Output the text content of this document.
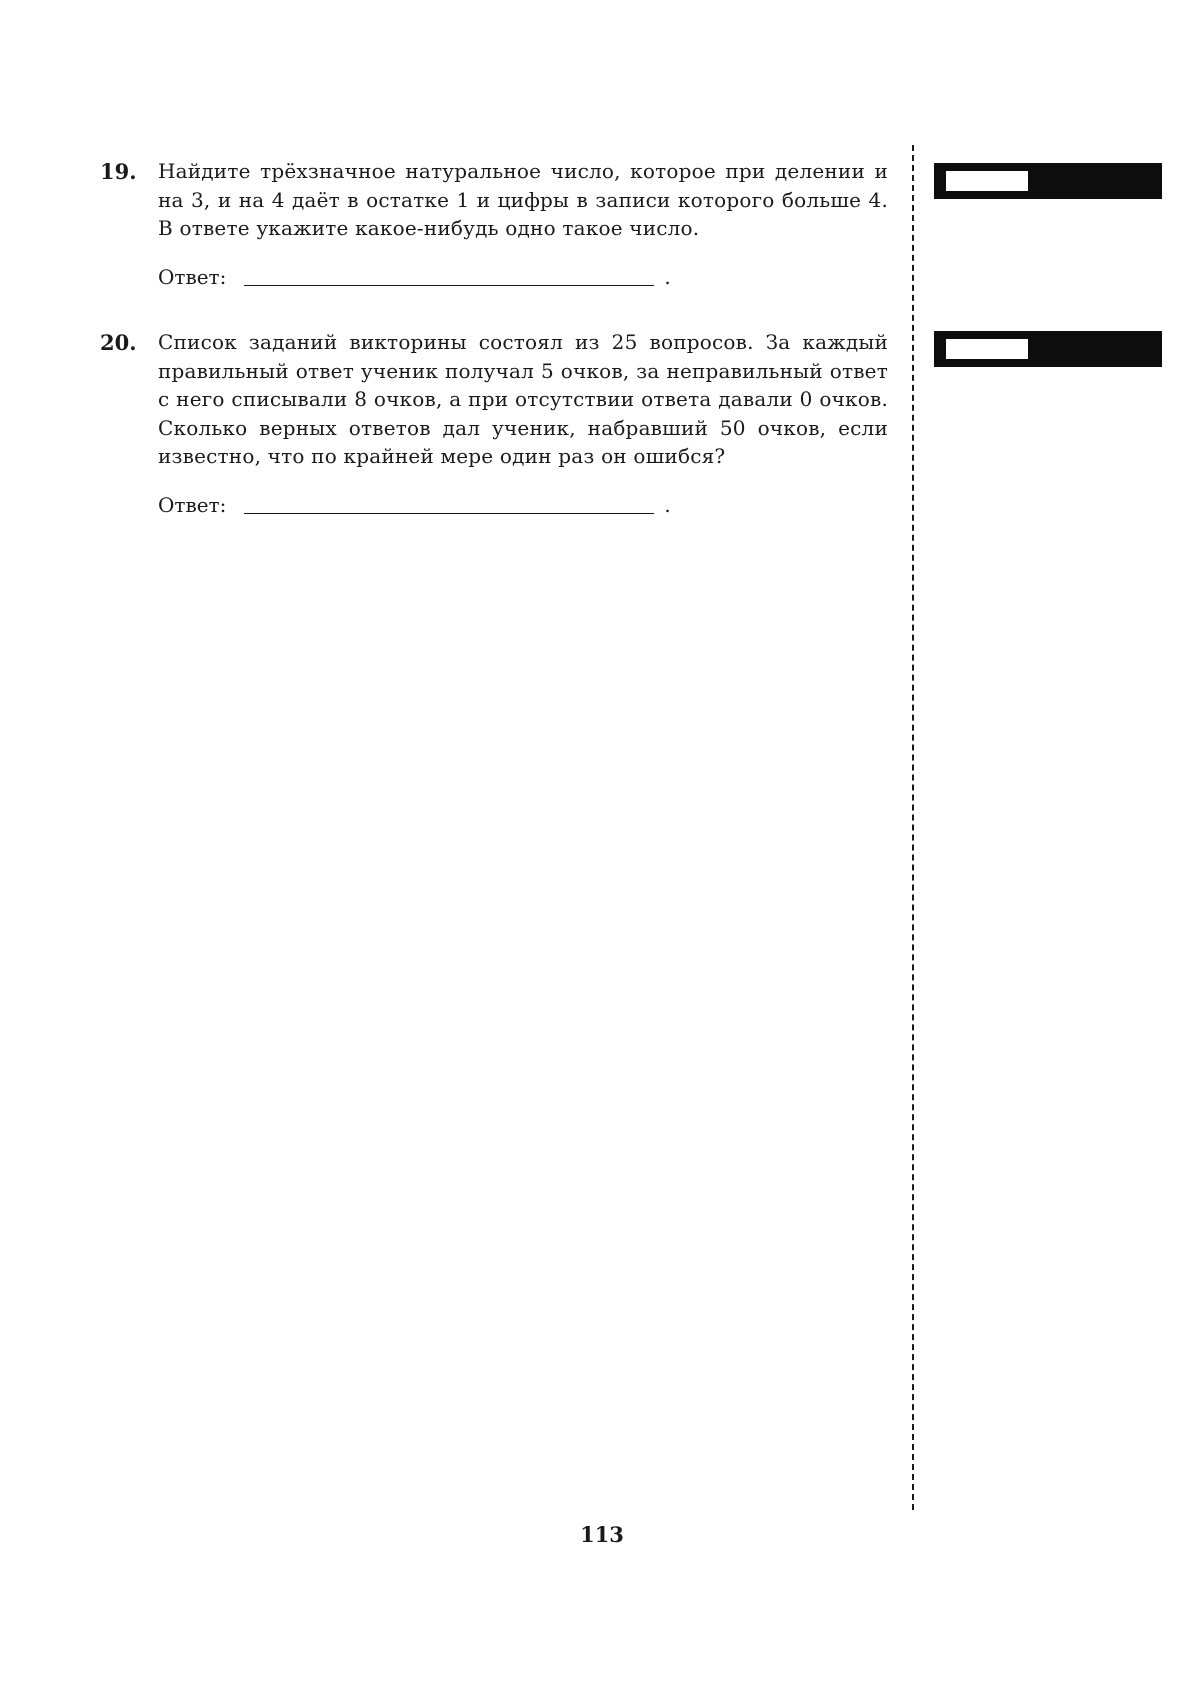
19. Найдите трёхзначное натуральное число, которое при делении и на 3, и на 4 даёт в остатке 1 и цифры в записи которого больше 4. В ответе укажите какое-нибудь одно такое число.
Ответ:	.
20. Список заданий викторины состоял из 25 вопросов. За каждый правильный ответ ученик получал 5 очков, за неправильный ответ с него списывали 8 очков, а при отсутствии ответа давали 0 очков. Сколько верных ответов дал ученик, набравший 50 очков, если известно, что по крайней мере один раз он ошибся?
Ответ:	.
113
